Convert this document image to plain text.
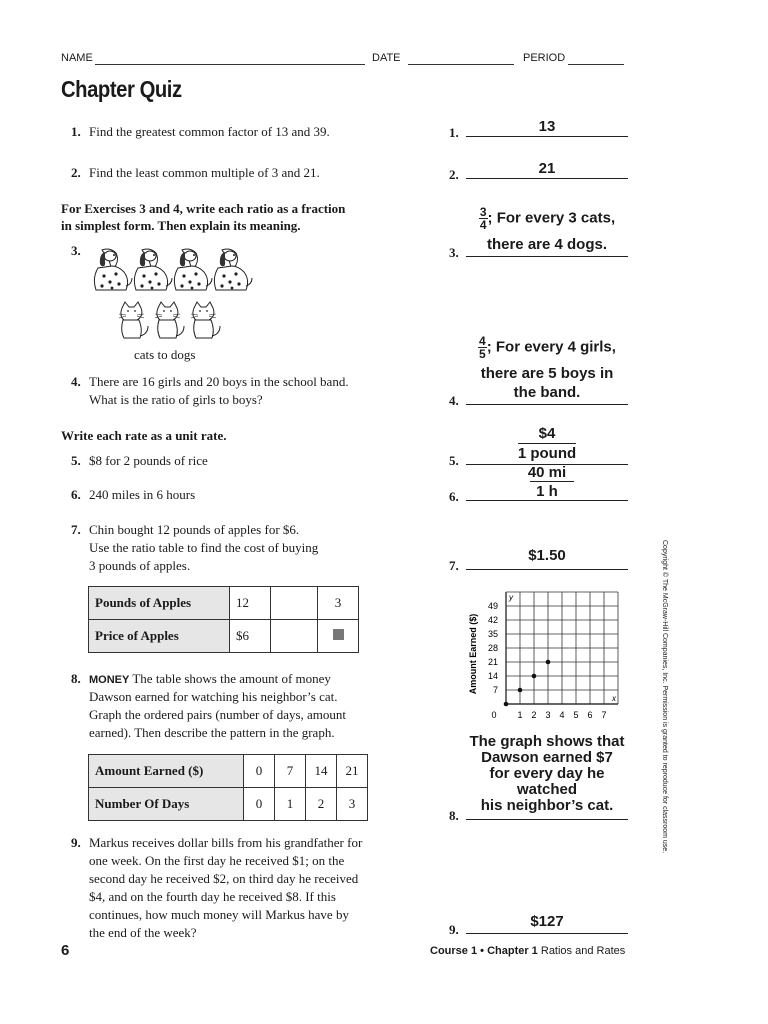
NAME	DATE	PERIOD
Chapter Quiz
1. Find the greatest common factor of 13 and 39.
2. Find the least common multiple of 3 and 21.
For Exercises 3 and 4, write each ratio as a fraction
in simplest form. Then explain its meaning.
3.
cats to dogs
4. There are 16 girls and 20 boys in the school band.
What is the ratio of girls to boys?
Write each rate as a unit rate.
5. $8 for 2 pounds of rice
6. 240 miles in 6 hours
7. Chin bought 12 pounds of apples for $6.
Use the ratio table to find the cost of buying
3 pounds of apples.
Pounds of Apples	12		3
Price of Apples	$6		
8. MONEY The table shows the amount of money
Dawson earned for watching his neighbor’s cat.
Graph the ordered pairs (number of days, amount
earned). Then describe the pattern in the graph.
Amount Earned ($)	0	7	14	21
Number Of Days	0	1	2	3
9. Markus receives dollar bills from his grandfather for
one week. On the first day he received $1; on the
second day he received $2, on third day he received
$4, and on the fourth day he received $8. If this
continues, how much money will Markus have by
the end of the week?
13
1.
21
2.
$\frac{3}{4}$ ; For every 3 cats,
there are 4 dogs.
3.
$\frac{4}{5}$ ; For every 4 girls,
there are 5 boys in
the band.
4.
$4
1 pound
5.
40 mi
1 h
6.
$1.50
7.
0 1 2 3 4 5 6 7
7
14
21
28
35
42
49
x
y
Amount Earned ($)
The graph shows that
Dawson earned $7
for every day he
watched
his neighbor’s cat.
8.
$127
9.
6	Course 1 • Chapter 1 Ratios and Rates
Copyright © The McGraw-Hill Companies, Inc. Permission is granted to reproduce for classroom use.
